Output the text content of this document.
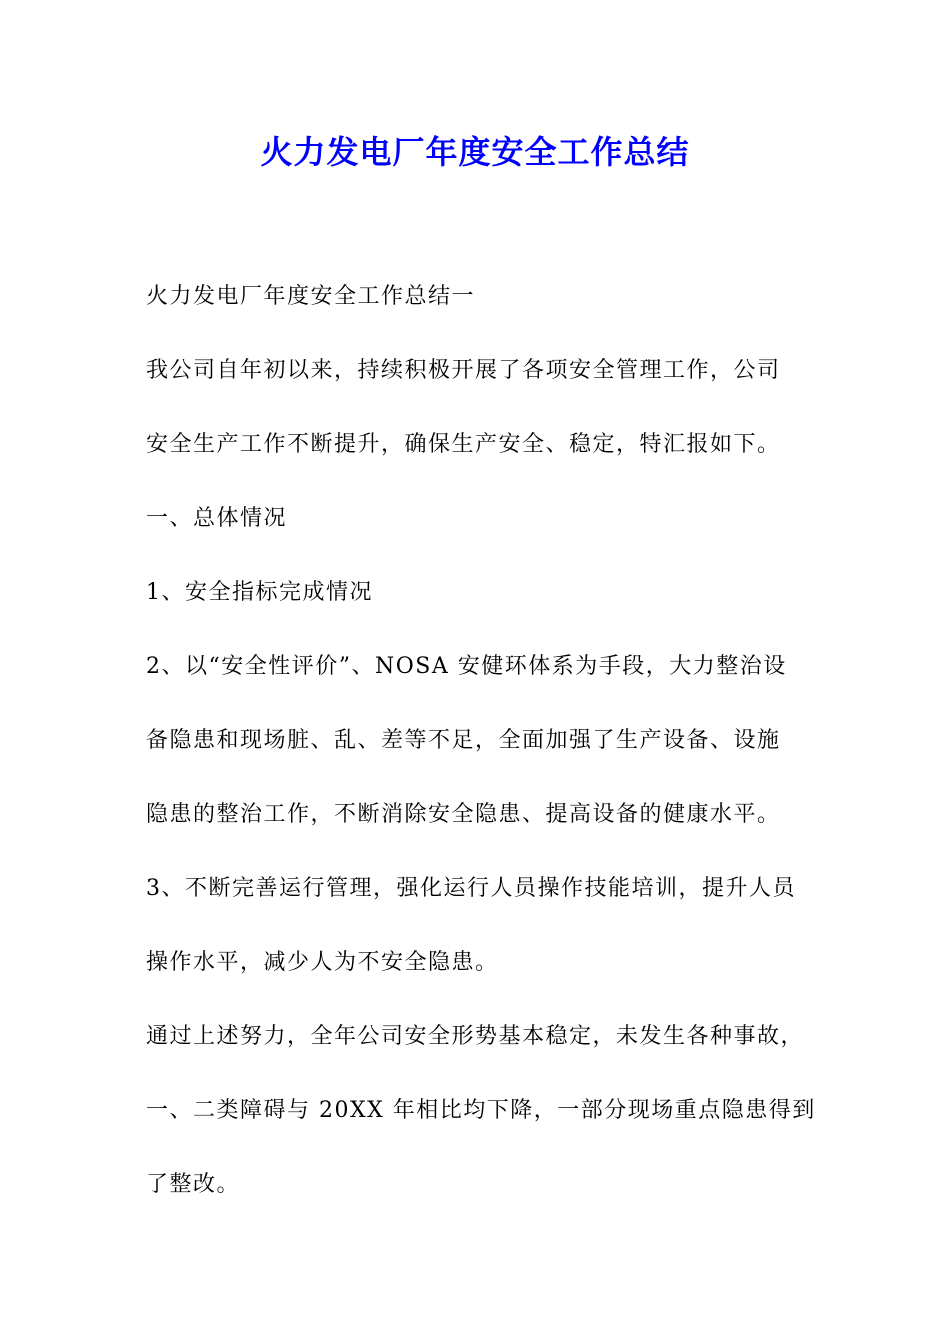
火力发电厂年度安全工作总结
火力发电厂年度安全工作总结一
我公司自年初以来，持续积极开展了各项安全管理工作，公司
安全生产工作不断提升，确保生产安全、稳定，特汇报如下。
一、总体情况
1、安全指标完成情况
2、以“安全性评价”、NOSA 安健环体系为手段，大力整治设
备隐患和现场脏、乱、差等不足，全面加强了生产设备、设施
隐患的整治工作，不断消除安全隐患、提高设备的健康水平。
3、不断完善运行管理，强化运行人员操作技能培训，提升人员
操作水平，减少人为不安全隐患。
通过上述努力，全年公司安全形势基本稳定，未发生各种事故，
一、二类障碍与 20XX 年相比均下降，一部分现场重点隐患得到
了整改。
